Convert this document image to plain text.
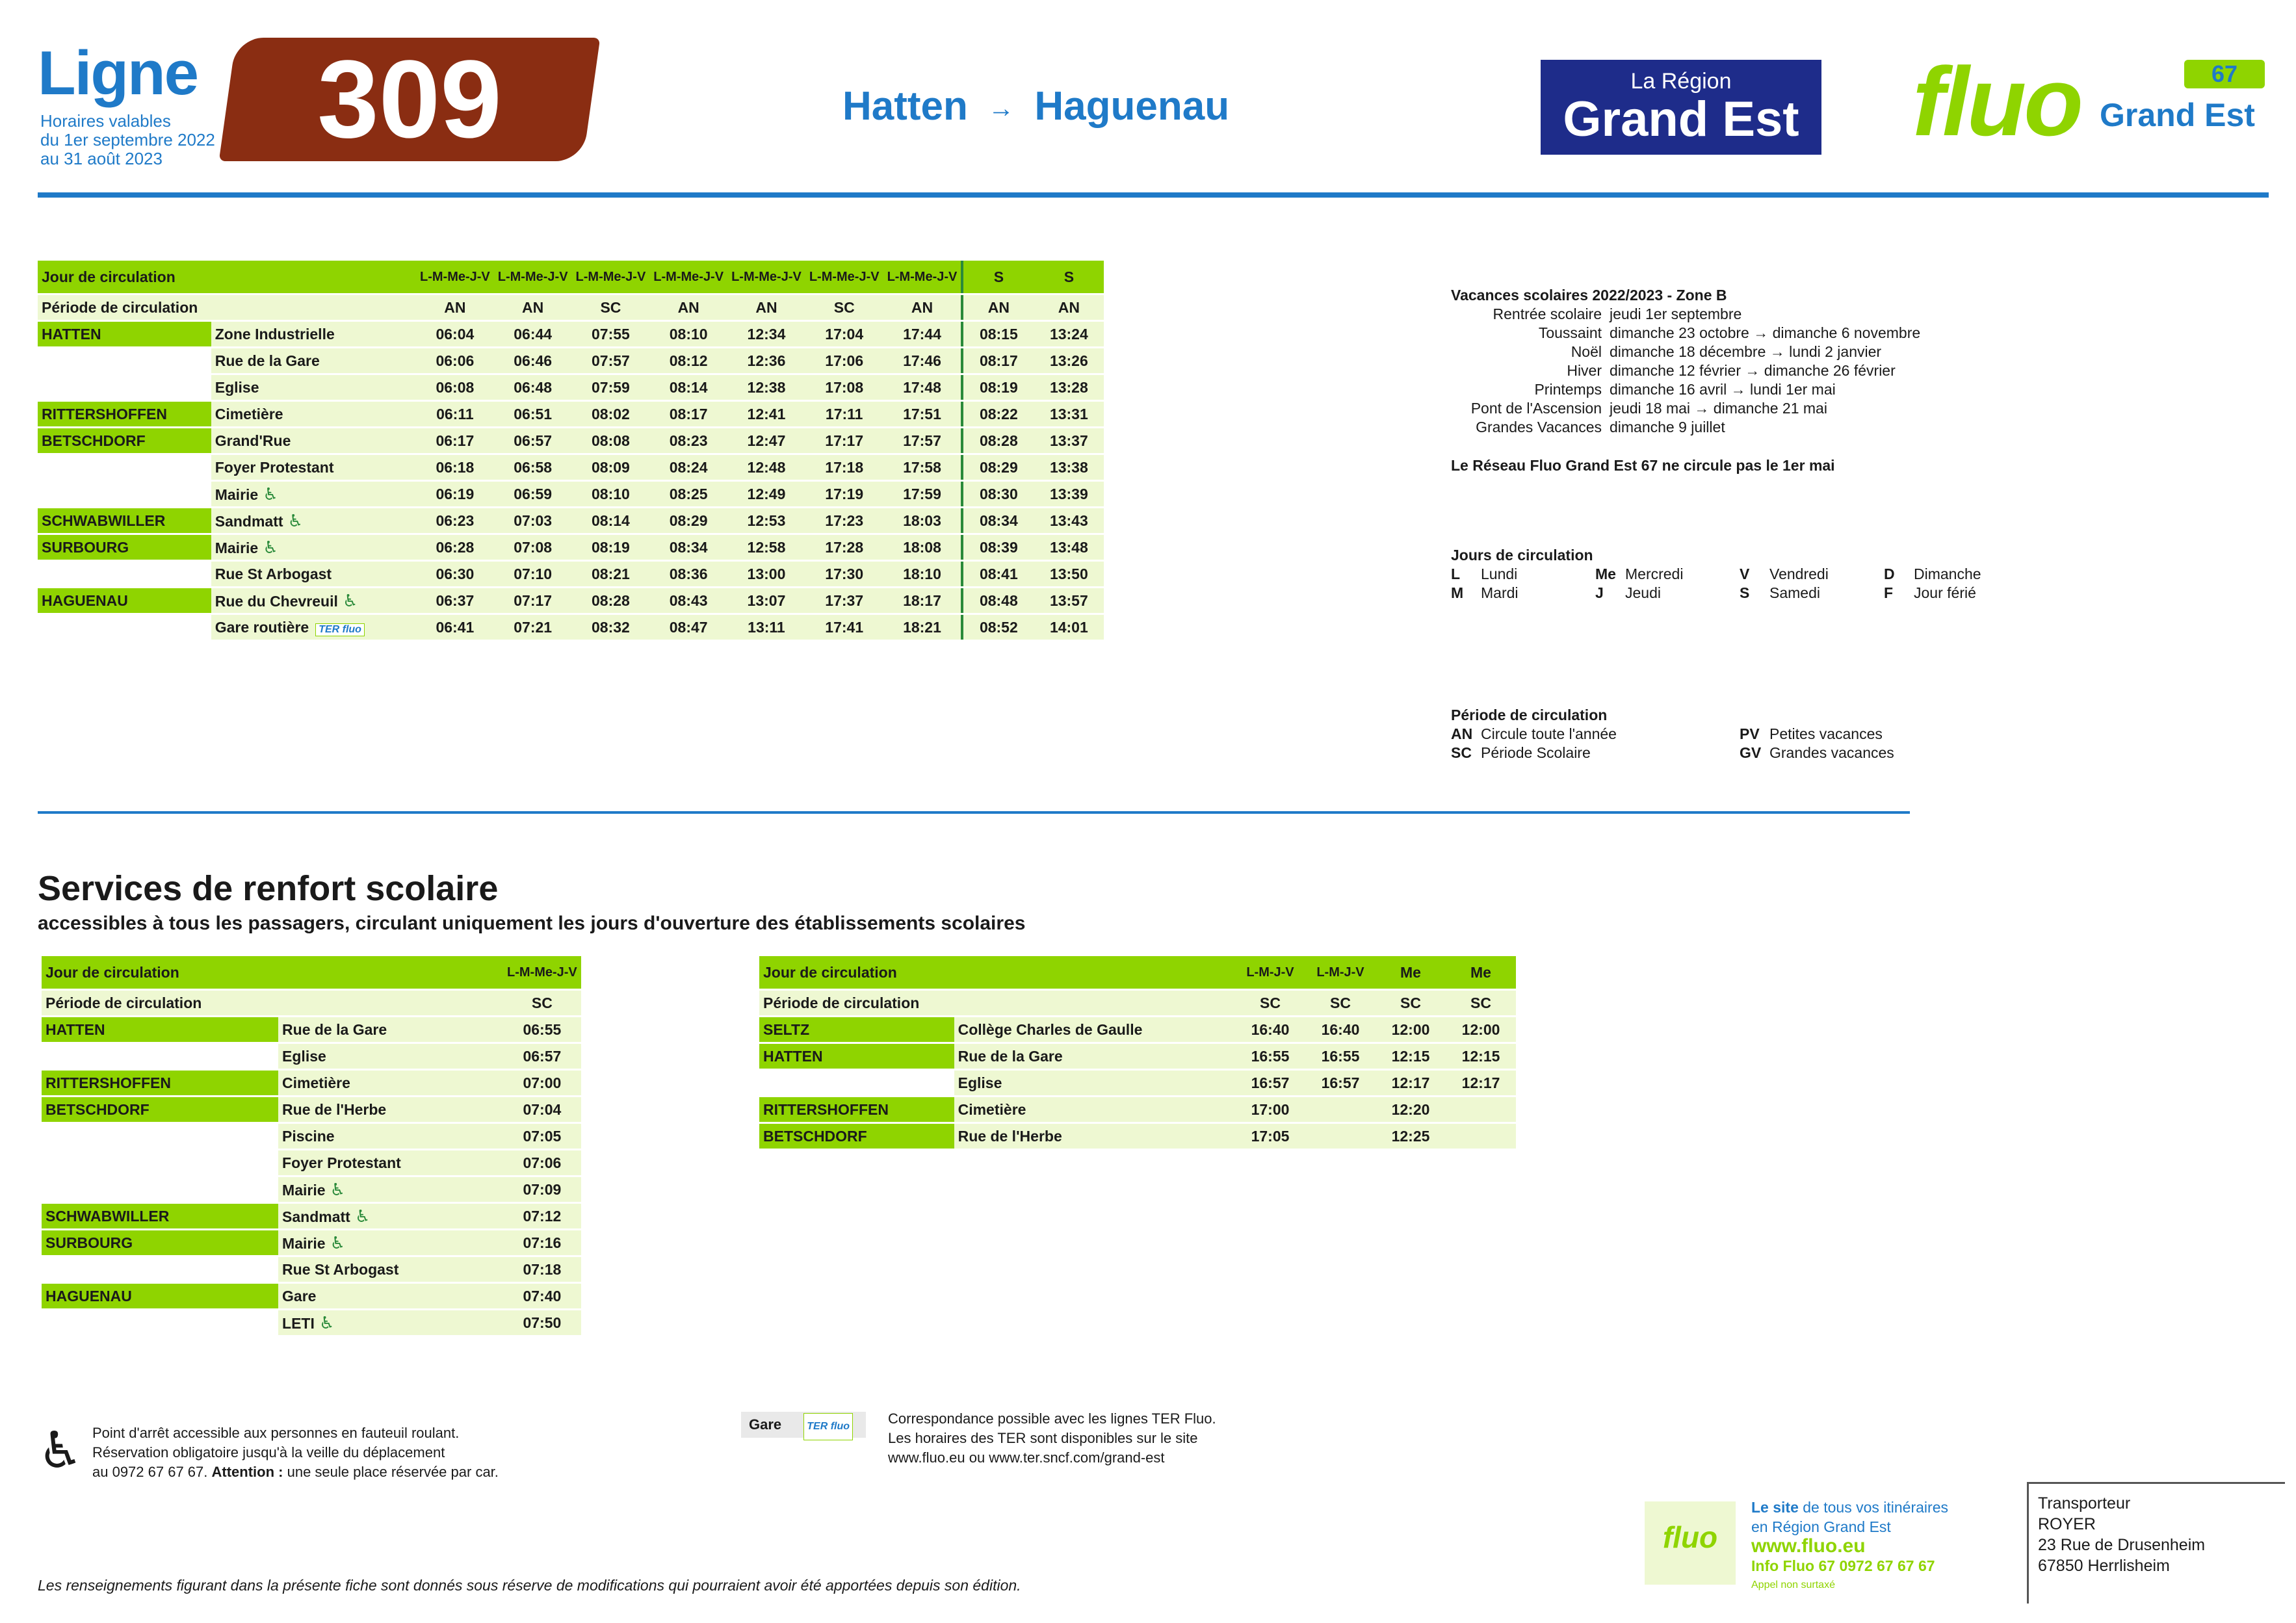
Ligne
Horaires valables
du 1er septembre 2022
au 31 août 2023	309	Hatten → Haguenau
La Région
Grand Est fluo	67
Grand Est
Jour de circulation		L-M-Me-J-V	L-M-Me-J-V	L-M-Me-J-V	L-M-Me-J-V	L-M-Me-J-V	L-M-Me-J-V	L-M-Me-J-V	S	S
Période de circulation		AN	AN	SC	AN	AN	SC	AN	AN	AN
HATTEN	Zone Industrielle	06:04	06:44	07:55	08:10	12:34	17:04	17:44	08:15	13:24
	Rue de la Gare	06:06	06:46	07:57	08:12	12:36	17:06	17:46	08:17	13:26
	Eglise	06:08	06:48	07:59	08:14	12:38	17:08	17:48	08:19	13:28
RITTERSHOFFEN	Cimetière	06:11	06:51	08:02	08:17	12:41	17:11	17:51	08:22	13:31
BETSCHDORF	Grand'Rue	06:17	06:57	08:08	08:23	12:47	17:17	17:57	08:28	13:37
	Foyer Protestant	06:18	06:58	08:09	08:24	12:48	17:18	17:58	08:29	13:38
	Mairie ♿	06:19	06:59	08:10	08:25	12:49	17:19	17:59	08:30	13:39
SCHWABWILLER	Sandmatt ♿	06:23	07:03	08:14	08:29	12:53	17:23	18:03	08:34	13:43
SURBOURG	Mairie ♿	06:28	07:08	08:19	08:34	12:58	17:28	18:08	08:39	13:48
	Rue St Arbogast	06:30	07:10	08:21	08:36	13:00	17:30	18:10	08:41	13:50
HAGUENAU	Rue du Chevreuil ♿	06:37	07:17	08:28	08:43	13:07	17:37	18:17	08:48	13:57
	Gare routière TER fluo	06:41	07:21	08:32	08:47	13:11	17:41	18:21	08:52	14:01
Vacances scolaires 2022/2023 - Zone B
Rentrée scolaire jeudi 1er septembre
Toussaint dimanche 23 octobre → dimanche 6 novembre
Noël dimanche 18 décembre → lundi 2 janvier
Hiver dimanche 12 février → dimanche 26 février
Printemps dimanche 16 avril → lundi 1er mai
Pont de l'Ascension jeudi 18 mai → dimanche 21 mai
Grandes Vacances dimanche 9 juillet
Le Réseau Fluo Grand Est 67 ne circule pas le 1er mai
Jours de circulation
L Lundi	Me Mercredi	V Vendredi	D Dimanche
M Mardi	J Jeudi	S Samedi	F Jour férié
Période de circulation
AN Circule toute l'année	PV Petites vacances
SC Période Scolaire	GV Grandes vacances
Services de renfort scolaire
accessibles à tous les passagers, circulant uniquement les jours d'ouverture des établissements scolaires
Jour de circulation		L-M-Me-J-V
Période de circulation		SC
HATTEN	Rue de la Gare	06:55
	Eglise	06:57
RITTERSHOFFEN	Cimetière	07:00
BETSCHDORF	Rue de l'Herbe	07:04
	Piscine	07:05
	Foyer Protestant	07:06
	Mairie ♿	07:09
SCHWABWILLER	Sandmatt ♿	07:12
SURBOURG	Mairie ♿	07:16
	Rue St Arbogast	07:18
HAGUENAU	Gare	07:40
	LETI ♿	07:50
Jour de circulation		L-M-J-V	L-M-J-V	Me	Me
Période de circulation		SC	SC	SC	SC
SELTZ	Collège Charles de Gaulle	16:40	16:40	12:00	12:00
HATTEN	Rue de la Gare	16:55	16:55	12:15	12:15
	Eglise	16:57	16:57	12:17	12:17
RITTERSHOFFEN	Cimetière	17:00		12:20	
BETSCHDORF	Rue de l'Herbe	17:05		12:25	
♿ Point d'arrêt accessible aux personnes en fauteuil roulant.
Réservation obligatoire jusqu'à la veille du déplacement
au 0972 67 67 67. Attention : une seule place réservée par car.
Gare TER fluo	Correspondance possible avec les lignes TER Fluo.
Les horaires des TER sont disponibles sur le site
www.fluo.eu ou www.ter.sncf.com/grand-est
fluo
Le site de tous vos itinéraires
en Région Grand Est
www.fluo.eu
Info Fluo 67 0972 67 67 67
Appel non surtaxé
Transporteur
ROYER
23 Rue de Drusenheim
67850 Herrlisheim
Les renseignements figurant dans la présente fiche sont donnés sous réserve de modifications qui pourraient avoir été apportées depuis son édition.
